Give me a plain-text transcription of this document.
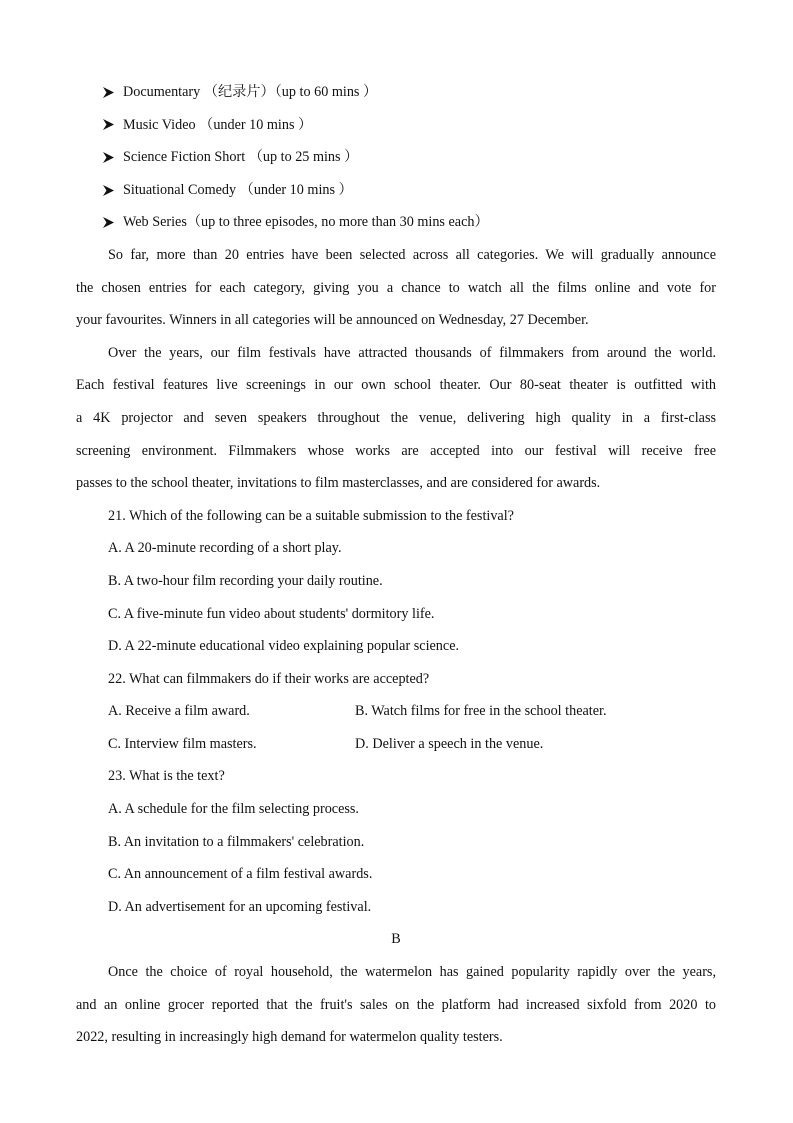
Documentary （纪录片）（up to 60 mins ）
Music Video （under 10 mins ）
Science Fiction Short （up to 25 mins ）
Situational Comedy （under 10 mins ）
Web Series（up to three episodes, no more than 30 mins each）
So far, more than 20 entries have been selected across all categories. We will gradually announce
the chosen entries for each category, giving you a chance to watch all the films online and vote for
your favourites. Winners in all categories will be announced on Wednesday, 27 December.
Over the years, our film festivals have attracted thousands of filmmakers from around the world.
Each festival features live screenings in our own school theater. Our 80-seat theater is outfitted with
a 4K projector and seven speakers throughout the venue, delivering high quality in a first-class
screening environment. Filmmakers whose works are accepted into our festival will receive free
passes to the school theater, invitations to film masterclasses, and are considered for awards.
21. Which of the following can be a suitable submission to the festival?
A. A 20-minute recording of a short play.
B. A two-hour film recording your daily routine.
C. A five-minute fun video about students' dormitory life.
D. A 22-minute educational video explaining popular science.
22. What can filmmakers do if their works are accepted?
A. Receive a film award.	B. Watch films for free in the school theater.
C. Interview film masters.	D. Deliver a speech in the venue.
23. What is the text?
A. A schedule for the film selecting process.
B. An invitation to a filmmakers' celebration.
C. An announcement of a film festival awards.
D. An advertisement for an upcoming festival.
B
Once the choice of royal household, the watermelon has gained popularity rapidly over the years,
and an online grocer reported that the fruit's sales on the platform had increased sixfold from 2020 to
2022, resulting in increasingly high demand for watermelon quality testers.
